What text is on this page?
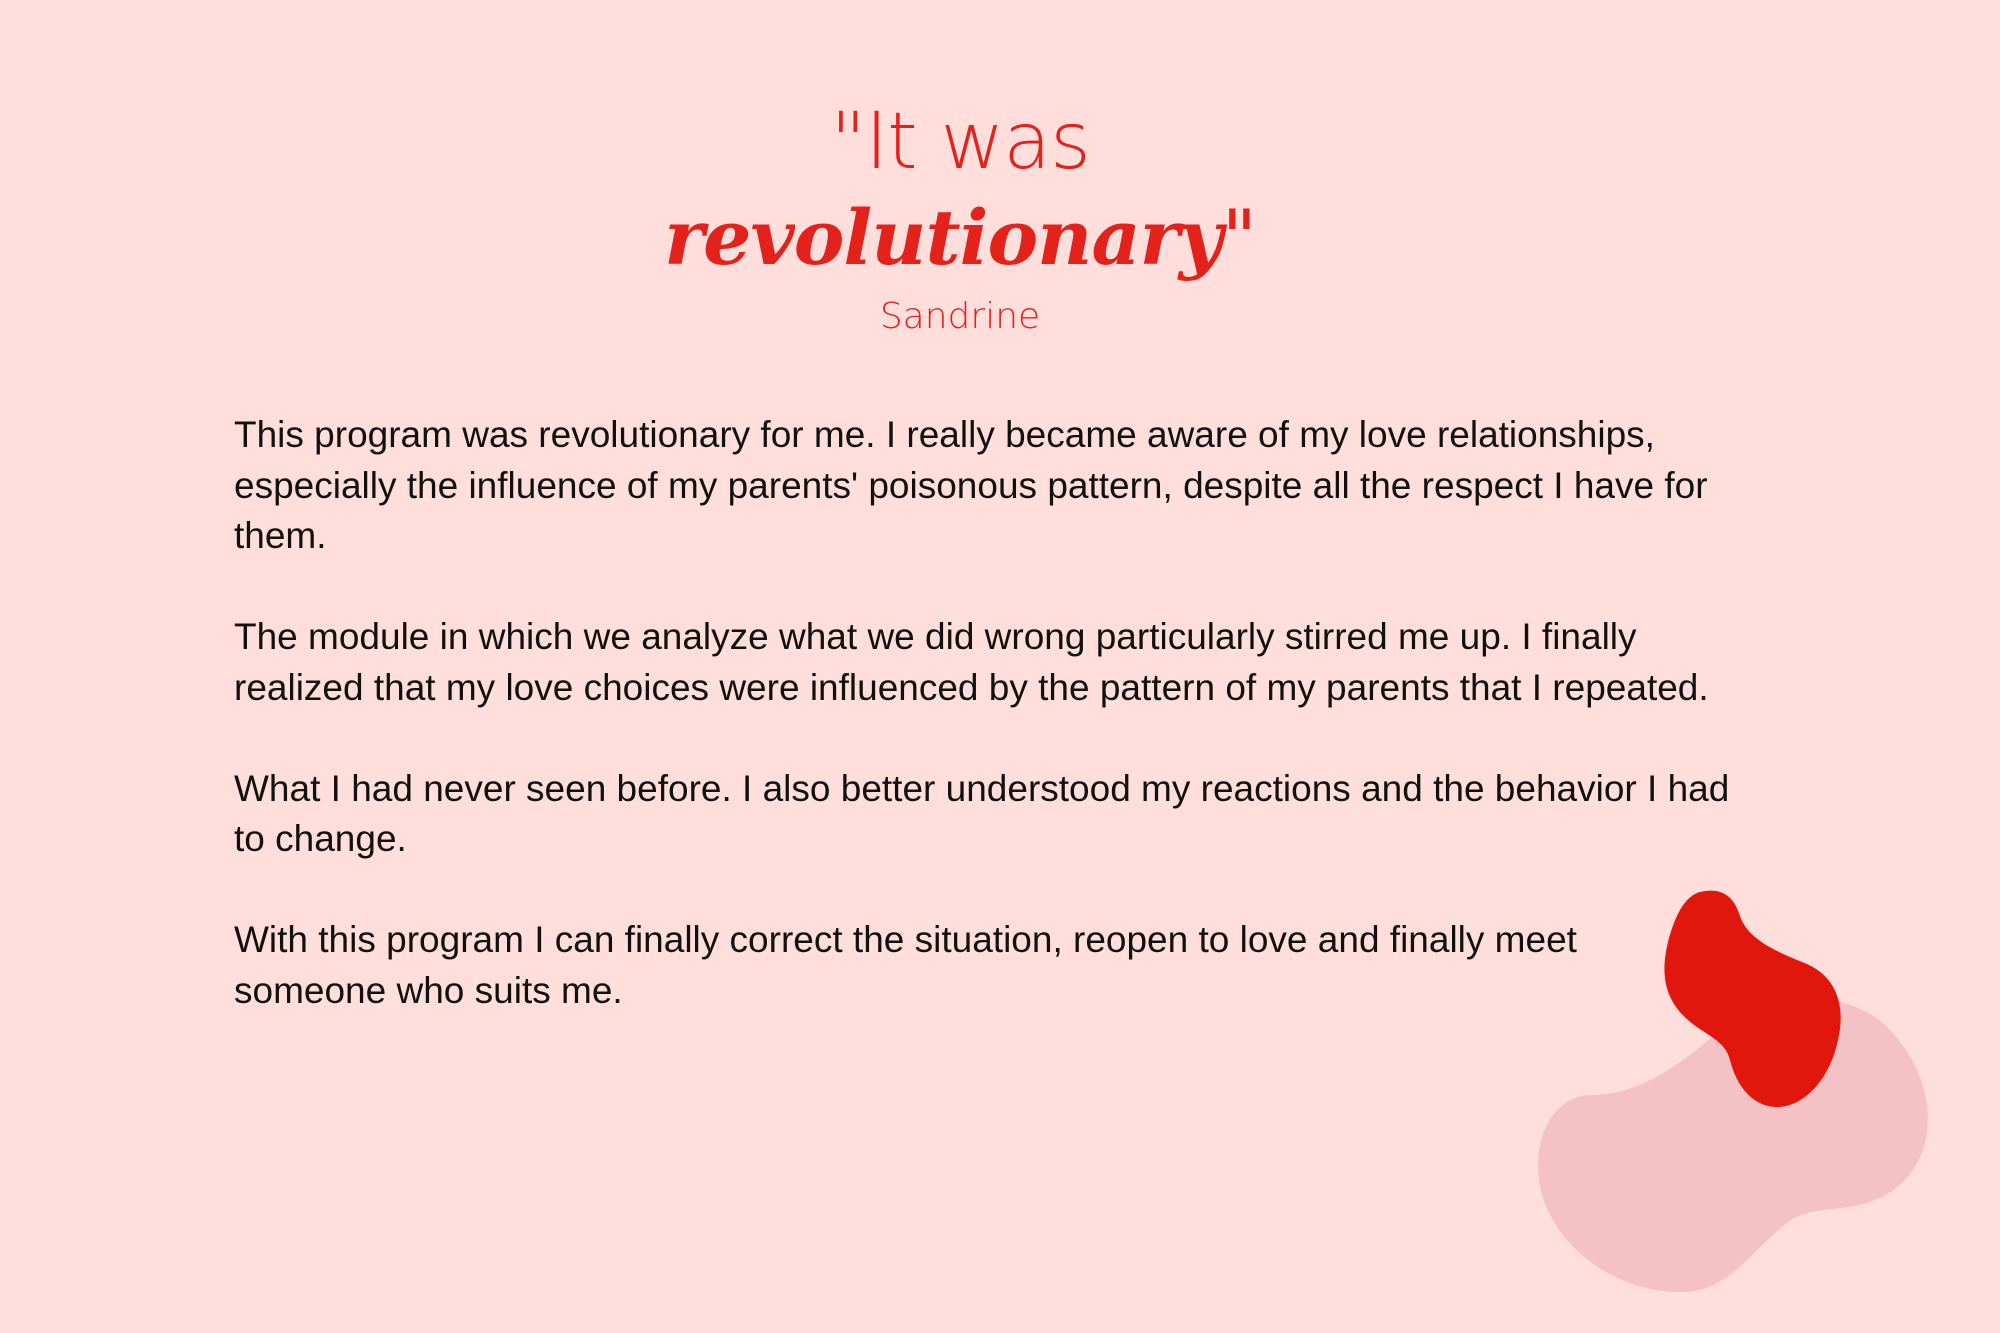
"It was
revolutionary"
Sandrine

This program was revolutionary for me. I really became aware of my love relationships, especially the influence of my parents' poisonous pattern, despite all the respect I have for them.

The module in which we analyze what we did wrong particularly stirred me up. I finally realized that my love choices were influenced by the pattern of my parents that I repeated.

What I had never seen before. I also better understood my reactions and the behavior I had to change.

With this program I can finally correct the situation, reopen to love and finally meet someone who suits me.
